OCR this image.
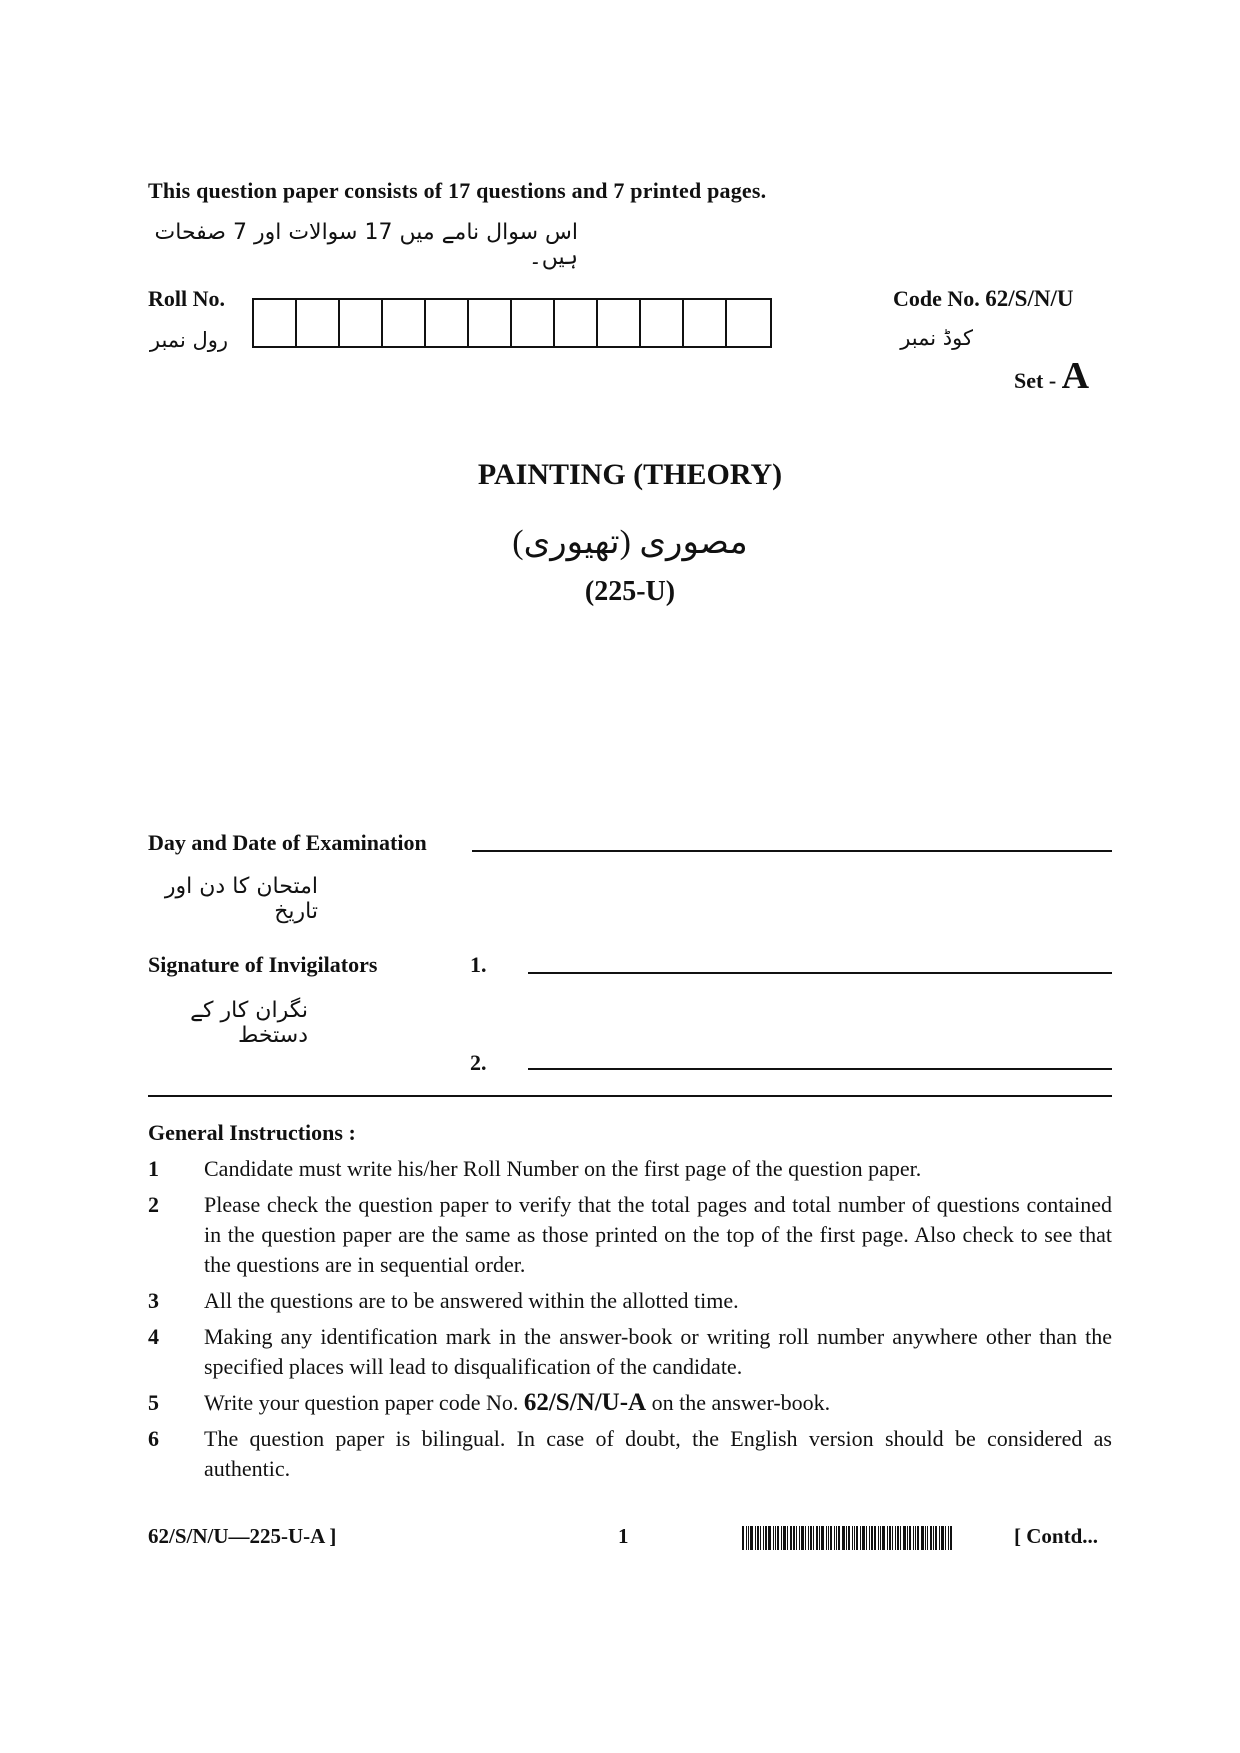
This question paper consists of 17 questions and 7 printed pages.
اس سوال نامے میں 17 سوالات اور 7 صفحات ہیں۔
Roll No.
رول نمبر
Code No. 62/S/N/U
کوڈ نمبر
Set - A
PAINTING (THEORY)
مصوری (تھیوری)
(225-U)
Day and Date of Examination
امتحان کا دن اور تاریخ
Signature of Invigilators
نگران کار کے دستخط
1.
2.
General Instructions :
1	Candidate must write his/her Roll Number on the first page of the question paper.
2	Please check the question paper to verify that the total pages and total number of questions contained in the question paper are the same as those printed on the top of the first page. Also check to see that the questions are in sequential order.
3	All the questions are to be answered within the allotted time.
4	Making any identification mark in the answer-book or writing roll number anywhere other than the specified places will lead to disqualification of the candidate.
5	Write your question paper code No. 62/S/N/U-A on the answer-book.
6	The question paper is bilingual. In case of doubt, the English version should be considered as authentic.
62/S/N/U—225-U-A ]	1	[ Contd...
